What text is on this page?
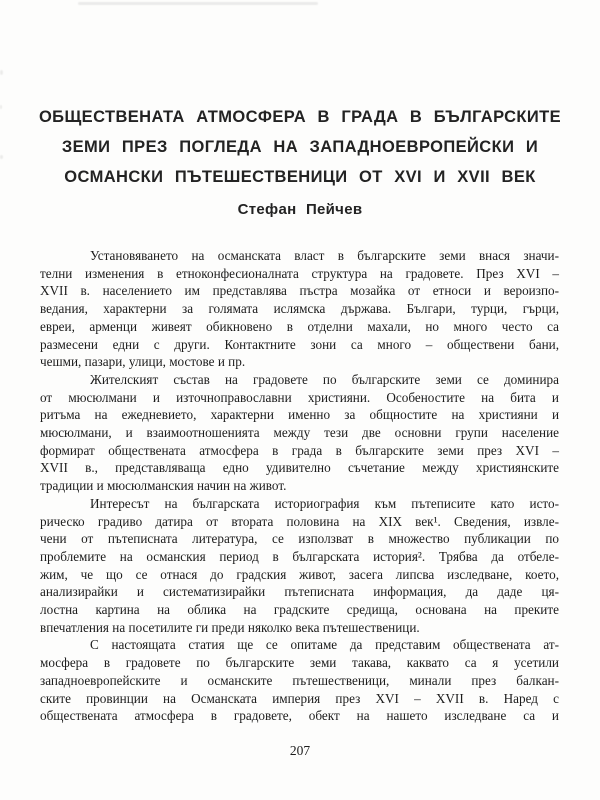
ОБЩЕСТВЕНАТА АТМОСФЕРА В ГРАДА В БЪЛГАРСКИТЕ
ЗЕМИ ПРЕЗ ПОГЛЕДА НА ЗАПАДНОЕВРОПЕЙСКИ И
ОСМАНСКИ ПЪТЕШЕСТВЕНИЦИ ОТ XVI И XVII ВЕК
Стефан Пейчев

Установяването на османската власт в българските земи внася значи-
телни изменения в етноконфесионалната структура на градовете. През XVI –
XVII в. населението им представлява пъстра мозайка от етноси и вероизпо-
ведания, характерни за голямата ислямска държава. Българи, турци, гърци,
евреи, арменци живеят обикновено в отделни махали, но много често са
размесени едни с други. Контактните зони са много – обществени бани,
чешми, пазари, улици, мостове и пр.

Жителският състав на градовете по българските земи се доминира
от мюсюлмани и източноправославни християни. Особеностите на бита и
ритъма на ежедневието, характерни именно за общностите на християни и
мюсюлмани, и взаимоотношенията между тези две основни групи население
формират обществената атмосфера в града в българските земи през XVI –
XVII в., представляваща едно удивително съчетание между християнските
традиции и мюсюлманския начин на живот.

Интересът на българската историография към пътеписите като исто-
рическо градиво датира от втората половина на XIX век¹. Сведения, извле-
чени от пътеписната литература, се използват в множество публикации по
проблемите на османския период в българската история². Трябва да отбеле-
жим, че що се отнася до градския живот, засега липсва изследване, което,
анализирайки и систематизирайки пътеписната информация, да даде ця-
лостна картина на облика на градските средища, основана на преките
впечатления на посетилите ги преди няколко века пътешественици.

С настоящата статия ще се опитаме да представим обществената ат-
мосфера в градовете по българските земи такава, каквато са я усетили
западноевропейските и османските пътешественици, минали през балкан-
ските провинции на Османската империя през XVI – XVII в. Наред с
обществената атмосфера в градовете, обект на нашето изследване са и

207
